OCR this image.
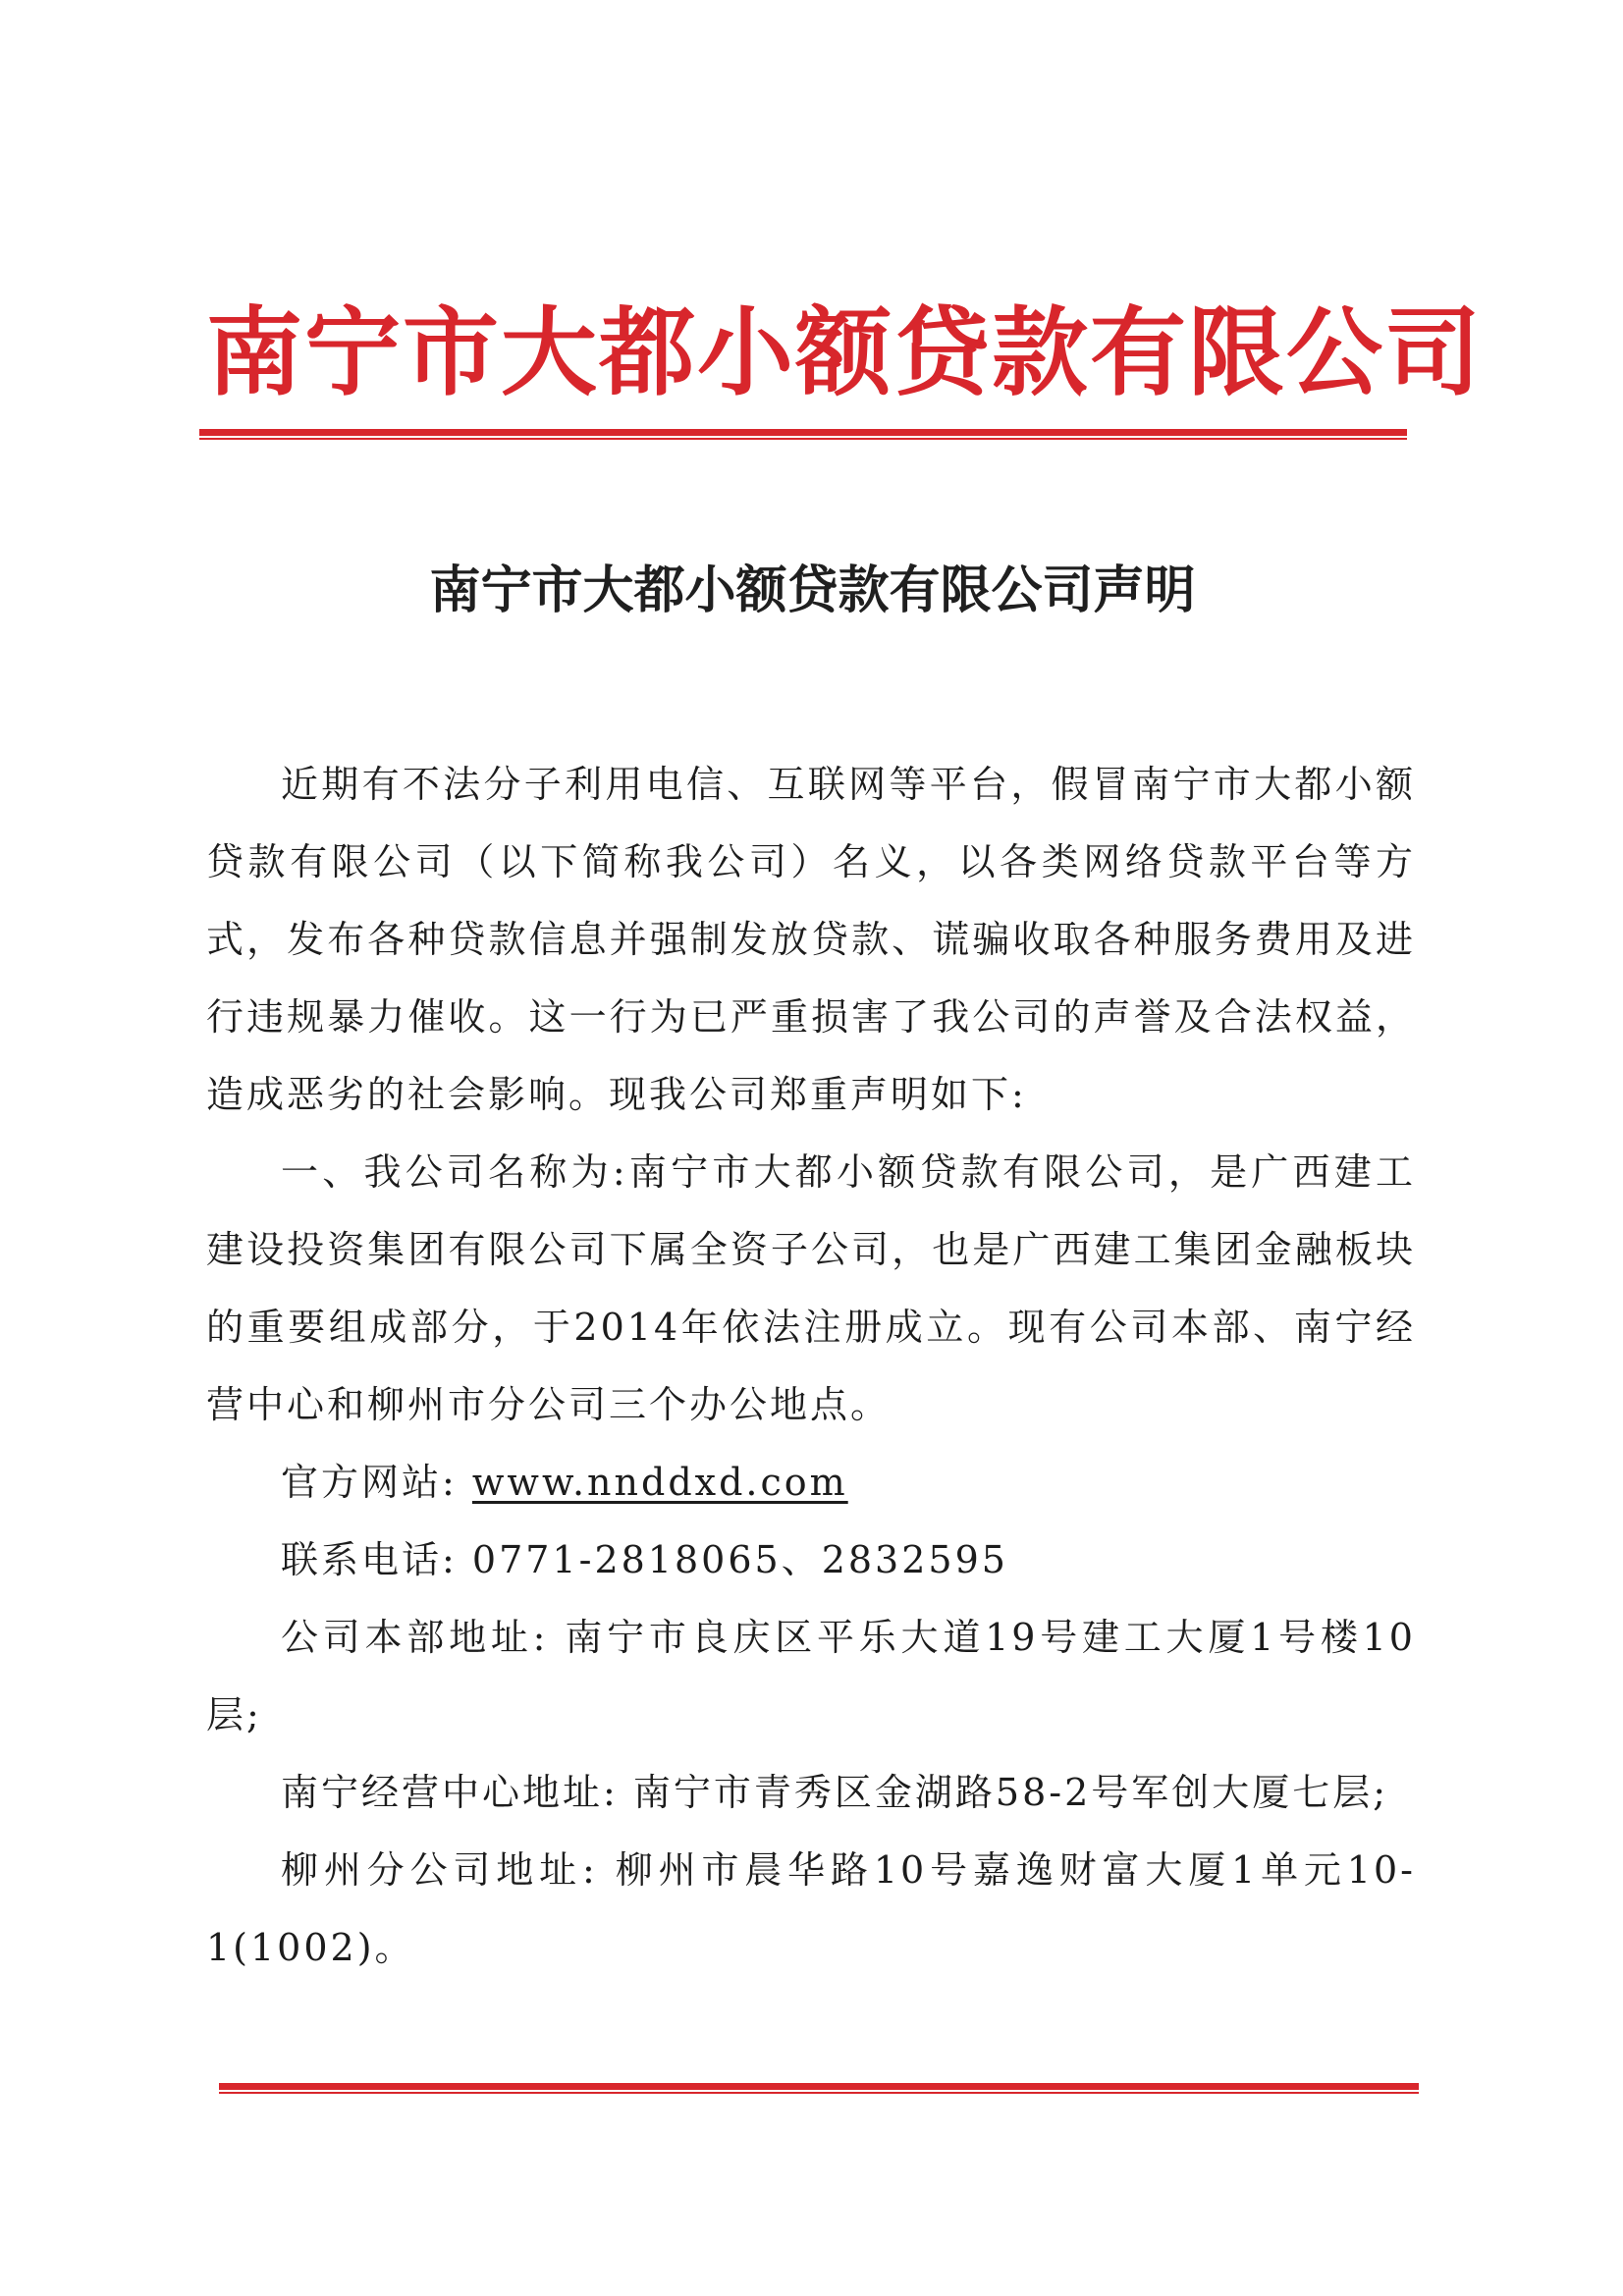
南宁市大都小额贷款有限公司
南宁市大都小额贷款有限公司声明

近期有不法分子利用电信、互联网等平台，假冒南宁市大都小额贷款有限公司（以下简称我公司）名义，以各类网络贷款平台等方式，发布各种贷款信息并强制发放贷款、谎骗收取各种服务费用及进行违规暴力催收。这一行为已严重损害了我公司的声誉及合法权益，造成恶劣的社会影响。现我公司郑重声明如下:

一、我公司名称为:南宁市大都小额贷款有限公司，是广西建工建设投资集团有限公司下属全资子公司，也是广西建工集团金融板块的重要组成部分，于2014年依法注册成立。现有公司本部、南宁经营中心和柳州市分公司三个办公地点。

官方网站: www.nnddxd.com

联系电话: 0771-2818065、2832595

公司本部地址: 南宁市良庆区平乐大道19号建工大厦1号楼10层;

南宁经营中心地址: 南宁市青秀区金湖路58-2号军创大厦七层;

柳州分公司地址: 柳州市晨华路10号嘉逸财富大厦1单元10-1(1002)。
